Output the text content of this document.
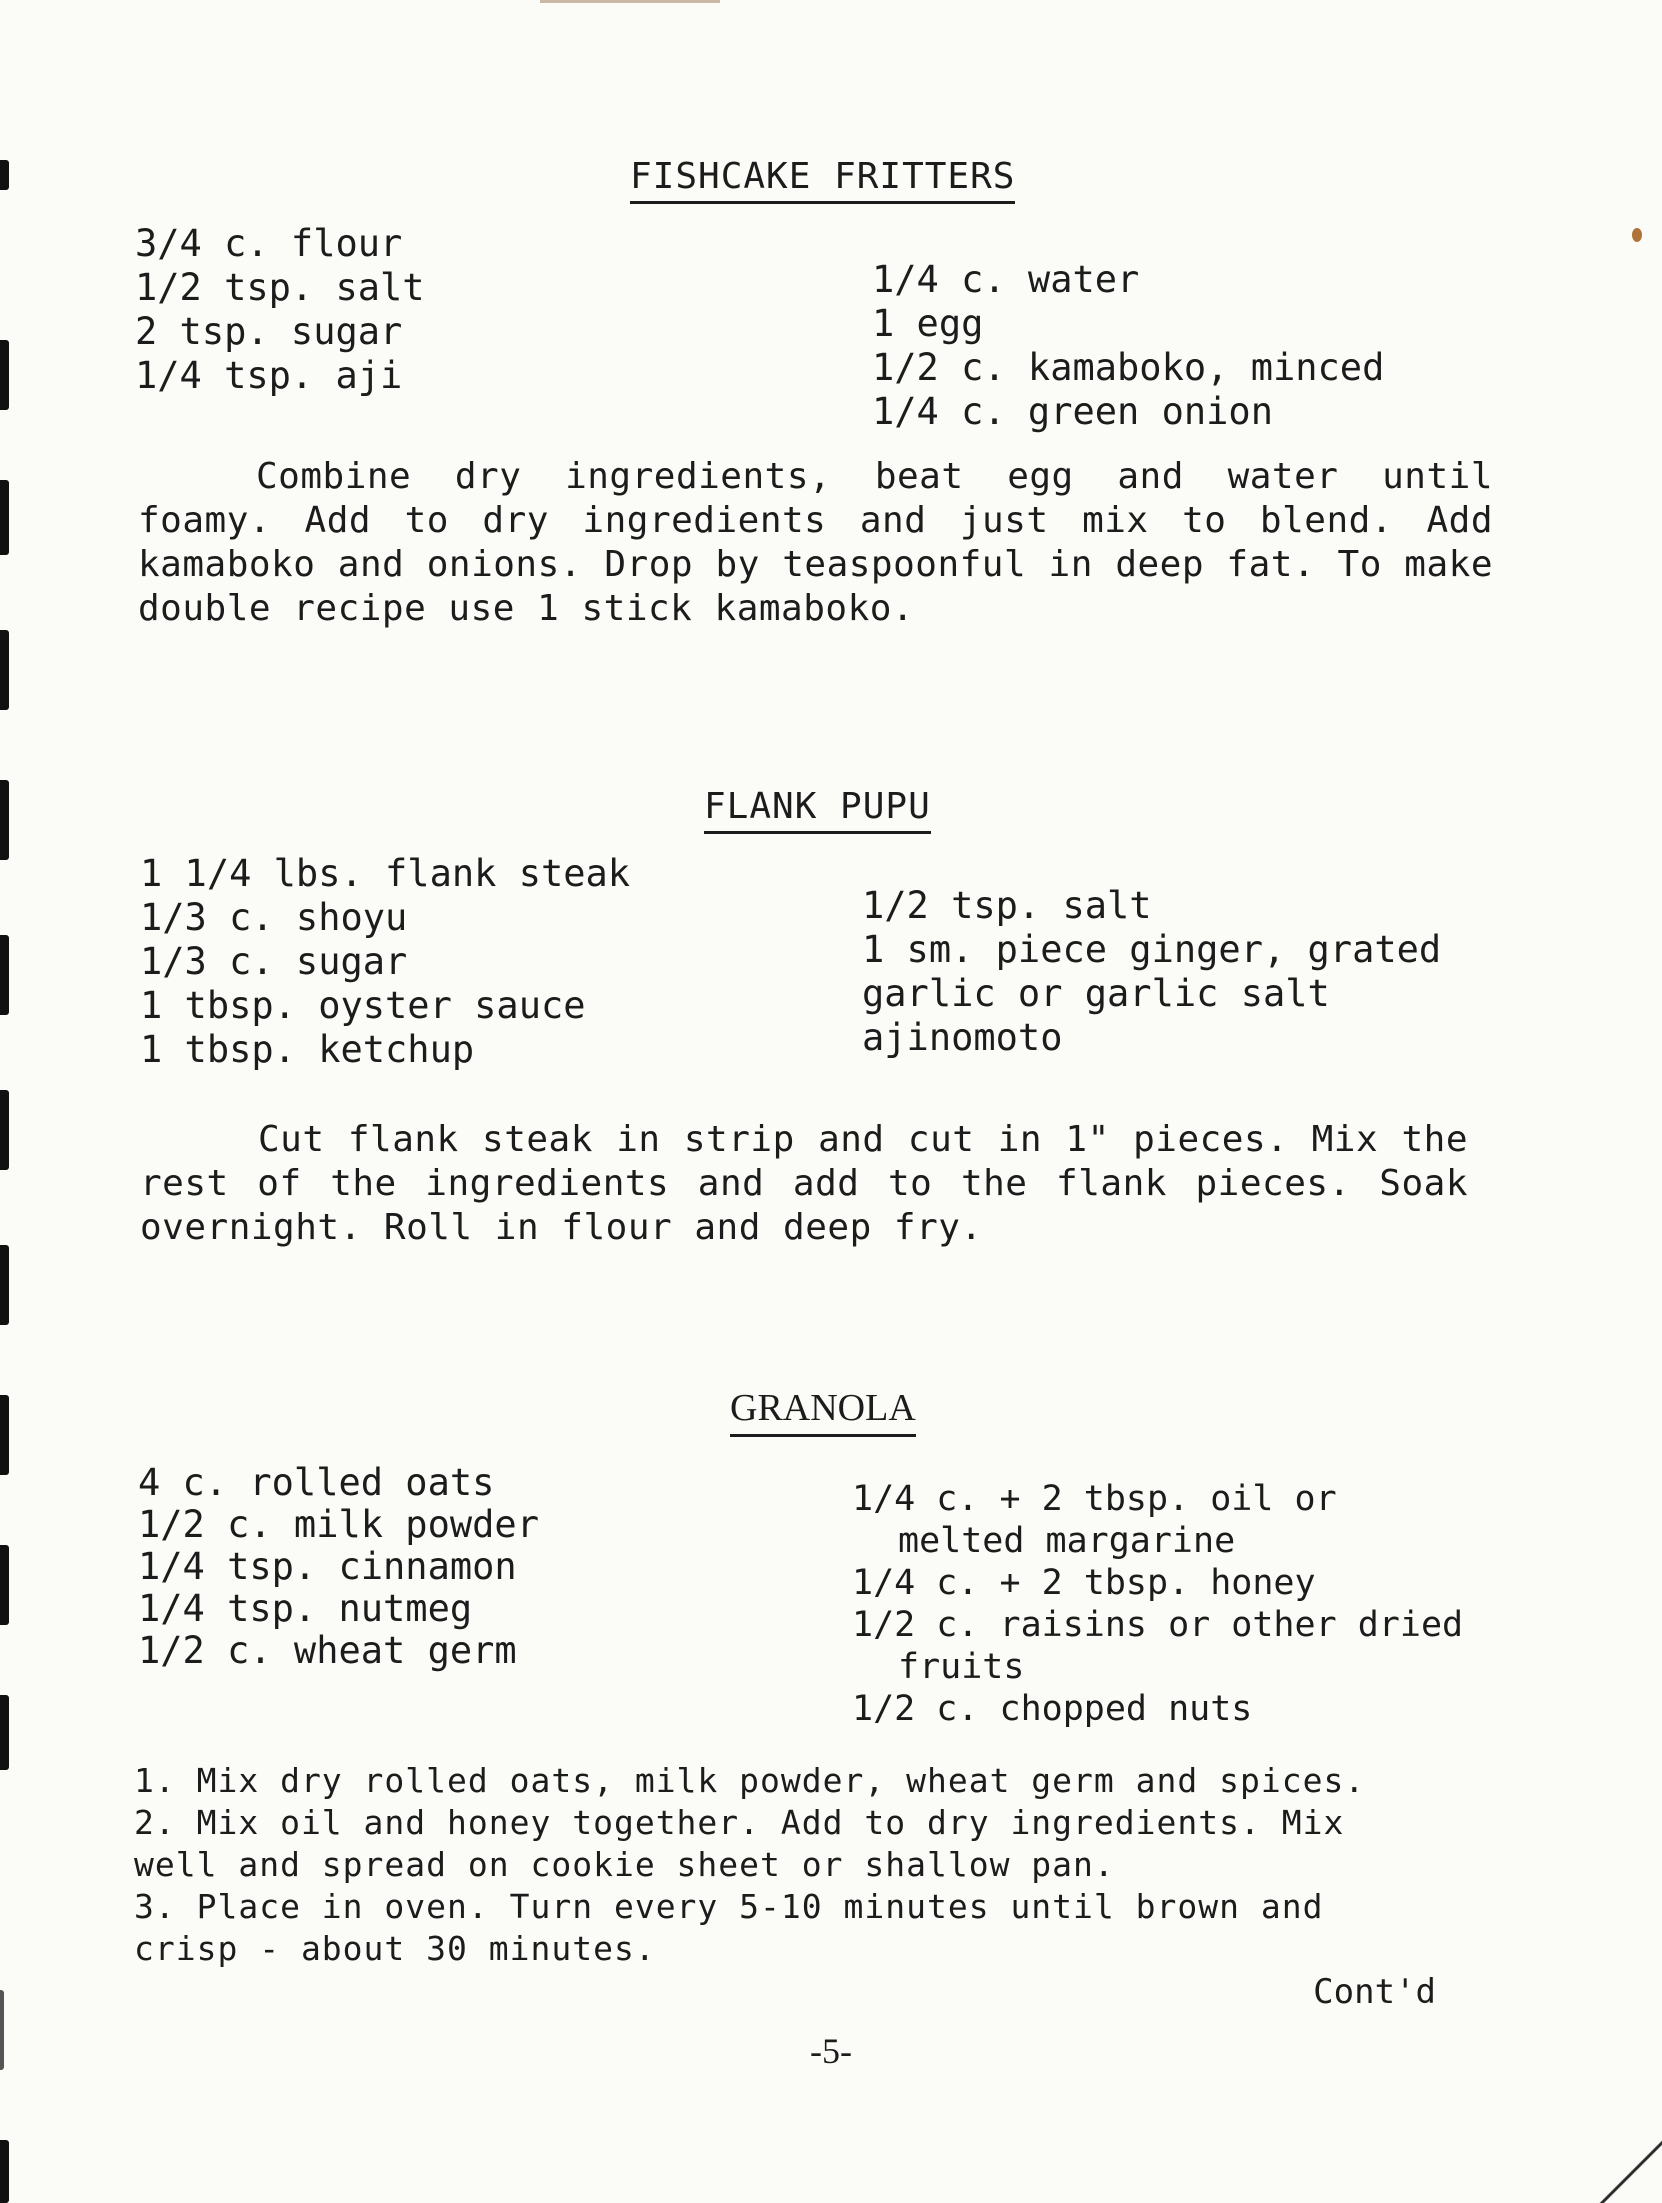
FISHCAKE FRITTERS
3/4 c. flour
1/2 tsp. salt
2 tsp. sugar
1/4 tsp. aji
1/4 c. water
1 egg
1/2 c. kamaboko, minced
1/4 c. green onion

Combine dry ingredients, beat egg and water until foamy. Add to dry ingredients and just mix to blend. Add kamaboko and onions. Drop by teaspoonful in deep fat. To make double recipe use 1 stick kamaboko.

FLANK PUPU
1 1/4 lbs. flank steak
1/3 c. shoyu
1/3 c. sugar
1 tbsp. oyster sauce
1 tbsp. ketchup
1/2 tsp. salt
1 sm. piece ginger, grated
garlic or garlic salt
ajinomoto

Cut flank steak in strip and cut in 1" pieces. Mix the rest of the ingredients and add to the flank pieces. Soak overnight. Roll in flour and deep fry.

GRANOLA
4 c. rolled oats
1/2 c. milk powder
1/4 tsp. cinnamon
1/4 tsp. nutmeg
1/2 c. wheat germ
1/4 c. + 2 tbsp. oil or
melted margarine
1/4 c. + 2 tbsp. honey
1/2 c. raisins or other dried
fruits
1/2 c. chopped nuts

1. Mix dry rolled oats, milk powder, wheat germ and spices.

2. Mix oil and honey together. Add to dry ingredients. Mix well and spread on cookie sheet or shallow pan.

3. Place in oven. Turn every 5-10 minutes until brown and crisp - about 30 minutes.

Cont'd
-5-
